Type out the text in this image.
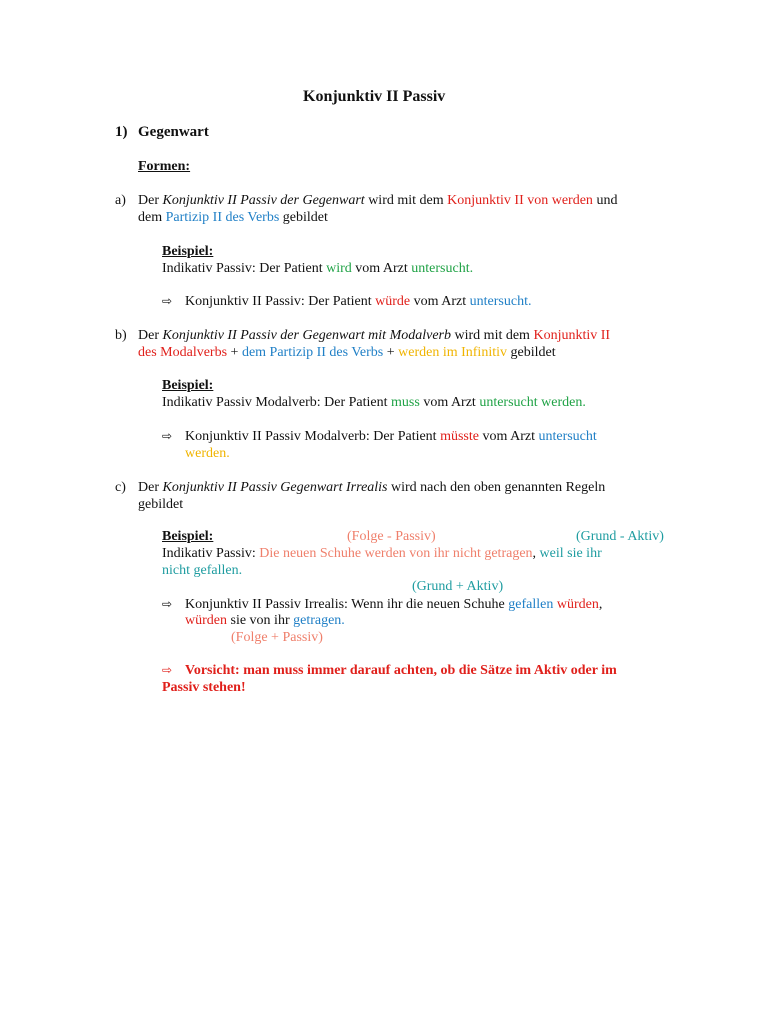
Konjunktiv II Passiv
1) Gegenwart
Formen:
a) Der Konjunktiv II Passiv der Gegenwart wird mit dem Konjunktiv II von werden und
dem Partizip II des Verbs gebildet
Beispiel:
Indikativ Passiv: Der Patient wird vom Arzt untersucht.
⇨ Konjunktiv II Passiv: Der Patient würde vom Arzt untersucht.
b) Der Konjunktiv II Passiv der Gegenwart mit Modalverb wird mit dem Konjunktiv II
des Modalverbs + dem Partizip II des Verbs + werden im Infinitiv gebildet
Beispiel:
Indikativ Passiv Modalverb: Der Patient muss vom Arzt untersucht werden.
⇨ Konjunktiv II Passiv Modalverb: Der Patient müsste vom Arzt untersucht
werden.
c) Der Konjunktiv II Passiv Gegenwart Irrealis wird nach den oben genannten Regeln
gebildet
Beispiel:	(Folge - Passiv)	(Grund - Aktiv)
Indikativ Passiv: Die neuen Schuhe werden von ihr nicht getragen, weil sie ihr
nicht gefallen.
(Grund + Aktiv)
⇨ Konjunktiv II Passiv Irrealis: Wenn ihr die neuen Schuhe gefallen würden,
würden sie von ihr getragen.
(Folge + Passiv)
⇨ Vorsicht: man muss immer darauf achten, ob die Sätze im Aktiv oder im
Passiv stehen!
